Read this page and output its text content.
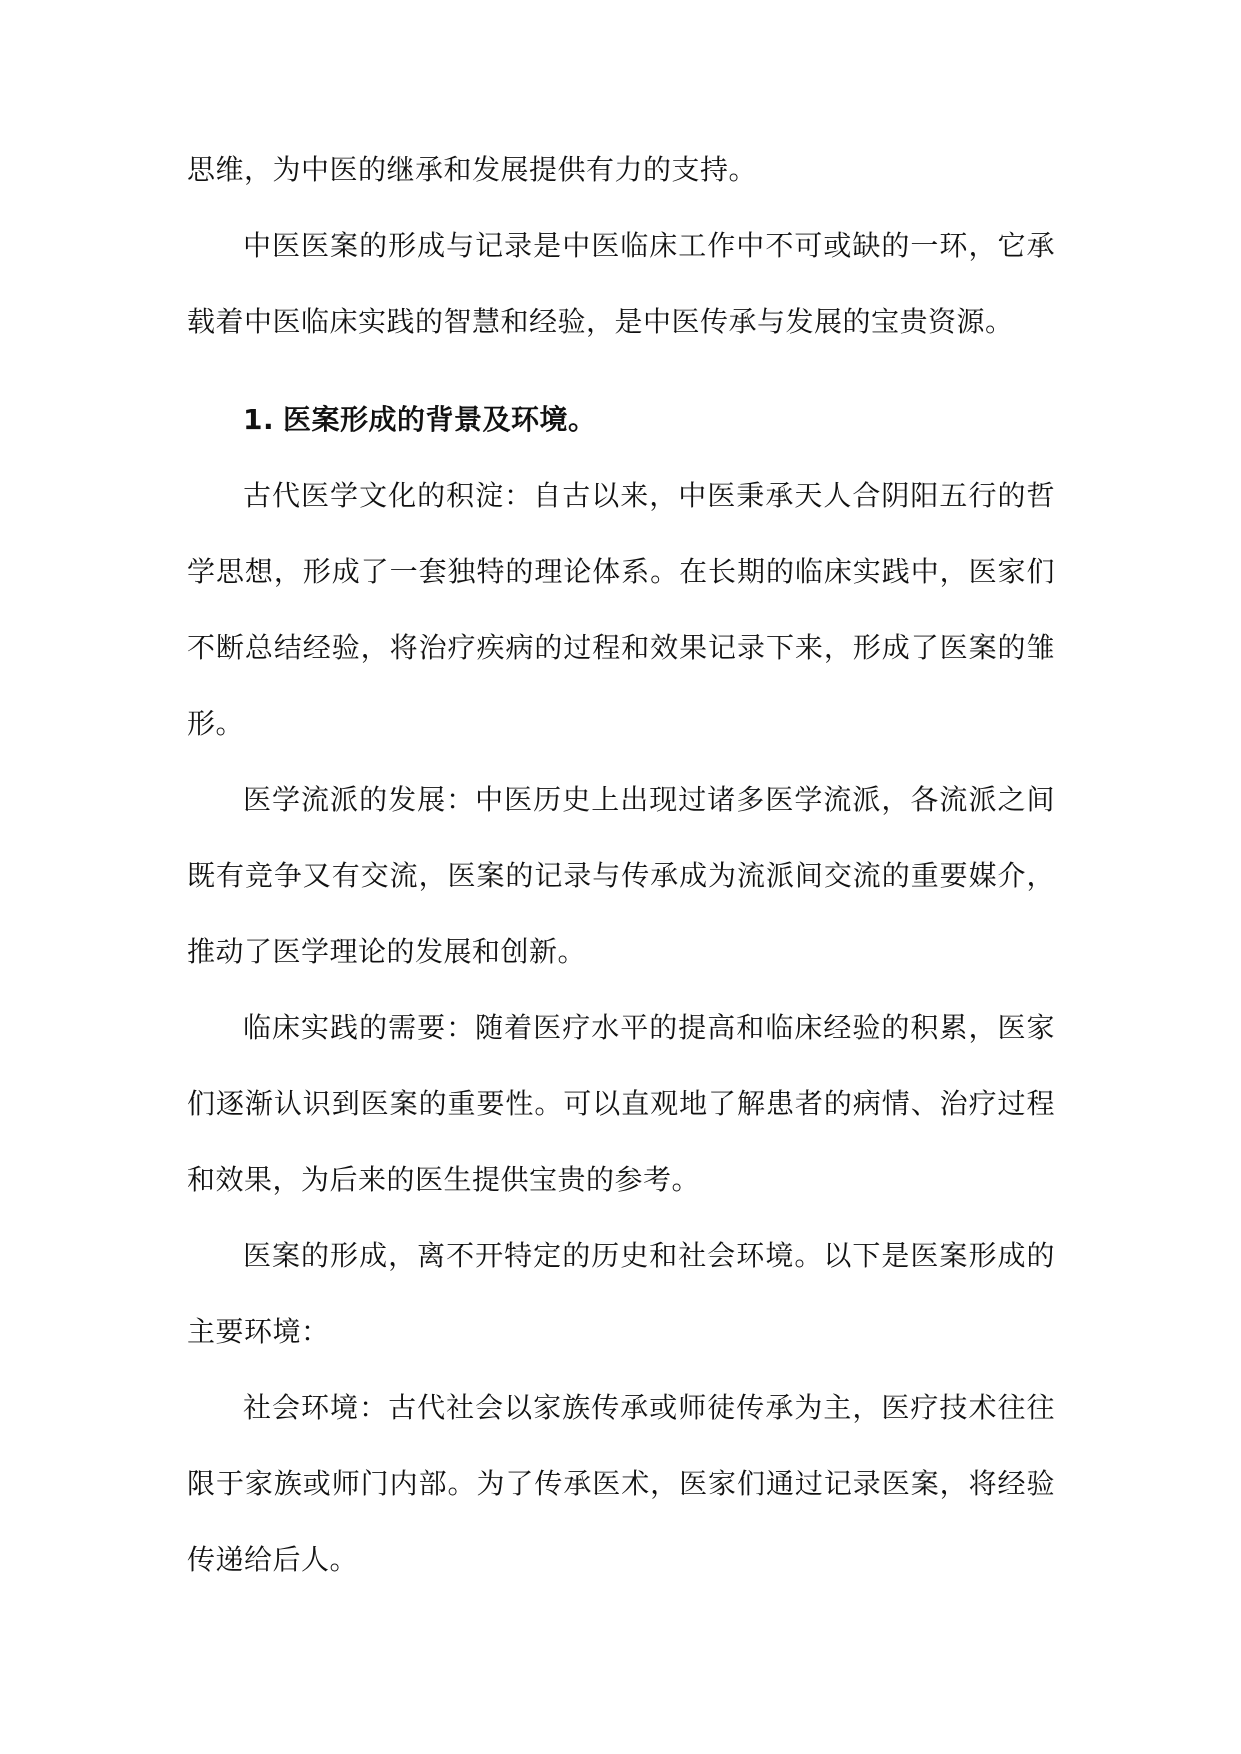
思维，为中医的继承和发展提供有力的支持。

中医医案的形成与记录是中医临床工作中不可或缺的一环，它承载着中医临床实践的智慧和经验，是中医传承与发展的宝贵资源。

1. 医案形成的背景及环境。

古代医学文化的积淀：自古以来，中医秉承天人合阴阳五行的哲学思想，形成了一套独特的理论体系。在长期的临床实践中，医家们不断总结经验，将治疗疾病的过程和效果记录下来，形成了医案的雏形。

医学流派的发展：中医历史上出现过诸多医学流派，各流派之间既有竞争又有交流，医案的记录与传承成为流派间交流的重要媒介，推动了医学理论的发展和创新。

临床实践的需要：随着医疗水平的提高和临床经验的积累，医家们逐渐认识到医案的重要性。可以直观地了解患者的病情、治疗过程和效果，为后来的医生提供宝贵的参考。

医案的形成，离不开特定的历史和社会环境。以下是医案形成的主要环境：

社会环境：古代社会以家族传承或师徒传承为主，医疗技术往往限于家族或师门内部。为了传承医术，医家们通过记录医案，将经验传递给后人。
